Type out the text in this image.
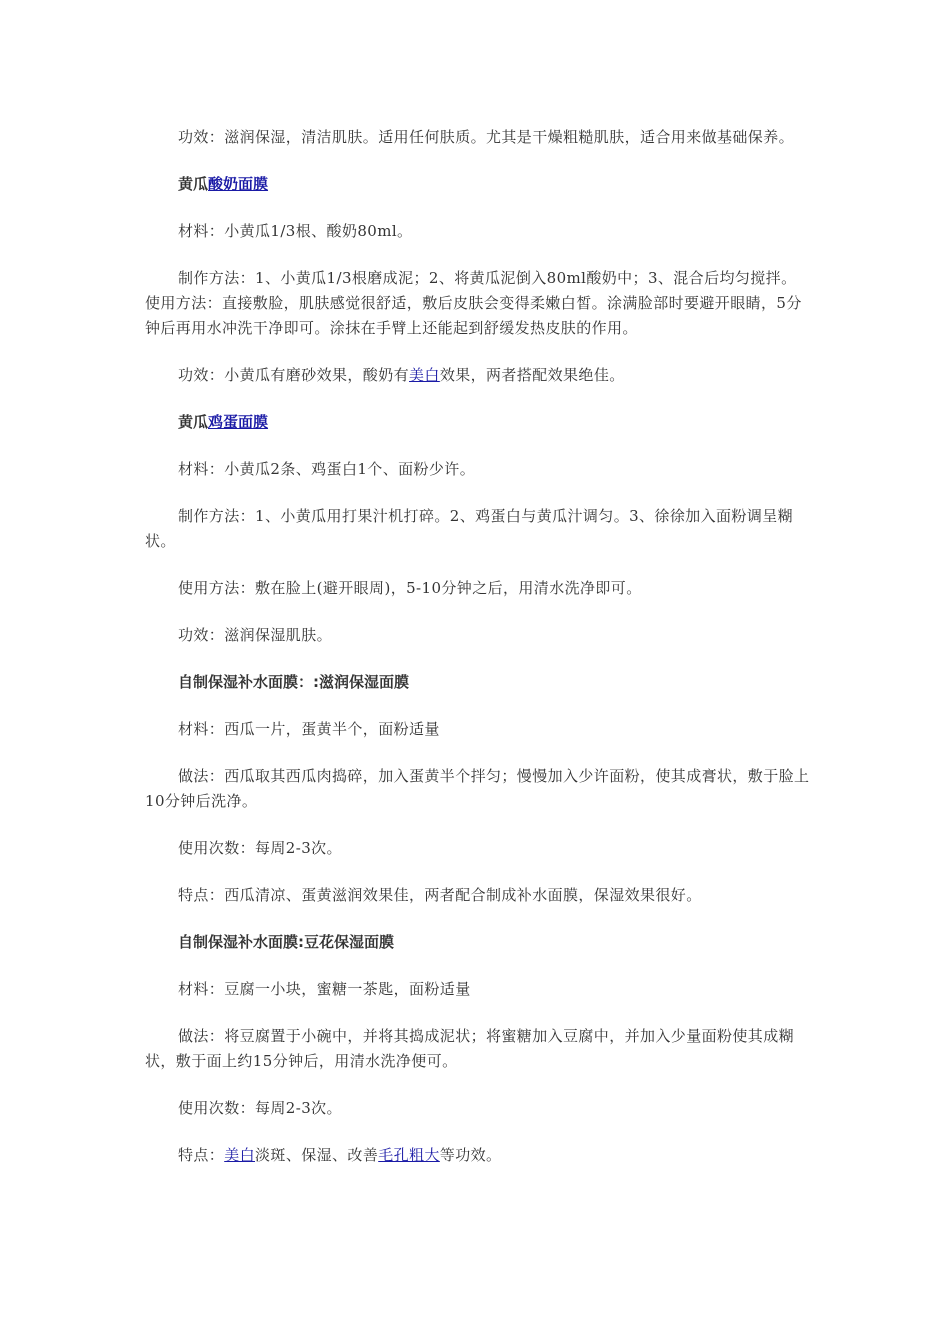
功效：滋润保湿，清洁肌肤。适用任何肤质。尤其是干燥粗糙肌肤，适合用来做基础保养。
黄瓜酸奶面膜
材料：小黄瓜1/3根、酸奶80ml。
制作方法：1、小黄瓜1/3根磨成泥；2、将黄瓜泥倒入80ml酸奶中；3、混合后均匀搅拌。使用方法：直接敷脸，肌肤感觉很舒适，敷后皮肤会变得柔嫩白皙。涂满脸部时要避开眼睛，5分钟后再用水冲洗干净即可。涂抹在手臂上还能起到舒缓发热皮肤的作用。
功效：小黄瓜有磨砂效果，酸奶有美白效果，两者搭配效果绝佳。
黄瓜鸡蛋面膜
材料：小黄瓜2条、鸡蛋白1个、面粉少许。
制作方法：1、小黄瓜用打果汁机打碎。2、鸡蛋白与黄瓜汁调匀。3、徐徐加入面粉调呈糊状。
使用方法：敷在脸上(避开眼周)，5-10分钟之后，用清水洗净即可。
功效：滋润保湿肌肤。
自制保湿补水面膜：:滋润保湿面膜
材料：西瓜一片，蛋黄半个，面粉适量
做法：西瓜取其西瓜肉捣碎，加入蛋黄半个拌匀；慢慢加入少许面粉，使其成膏状，敷于脸上10分钟后洗净。
使用次数：每周2-3次。
特点：西瓜清凉、蛋黄滋润效果佳，两者配合制成补水面膜，保湿效果很好。
自制保湿补水面膜:豆花保湿面膜
材料：豆腐一小块，蜜糖一茶匙，面粉适量
做法：将豆腐置于小碗中，并将其捣成泥状；将蜜糖加入豆腐中，并加入少量面粉使其成糊状，敷于面上约15分钟后，用清水洗净便可。
使用次数：每周2-3次。
特点：美白淡斑、保湿、改善毛孔粗大等功效。
